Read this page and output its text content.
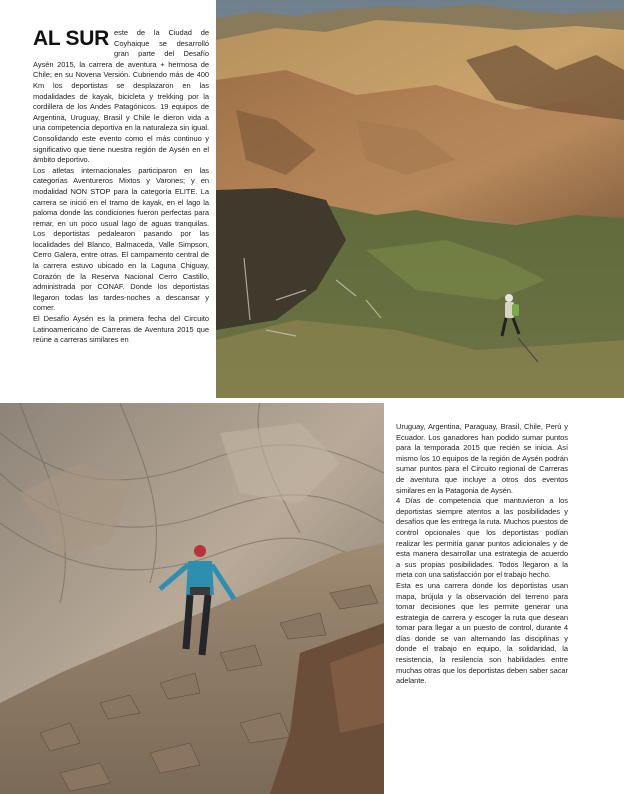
AL SUR este de la Ciudad de Coyhaique se desarrolló gran parte del Desafío Aysén 2015, la carrera de aventura + hermosa de Chile; en su Novena Versión. Cubriendo más de 400 Km los deportistas se desplazaron en las modalidades de kayak, bicicleta y trekking por la cordillera de los Andes Patagónicos. 19 equipos de Argentina, Uruguay, Brasil y Chile le dieron vida a una competencia deportiva en la naturaleza sin igual. Consolidando este evento como el más continuo y significativo que tiene nuestra región de Aysén en el ámbito deportivo.

Los atletas internacionales participaron en las categorías Aventureros Mixtos y Varones; y en modalidad NON STOP para la categoría ELITE. La carrera se inició en el tramo de kayak, en el lago la paloma donde las condiciones fueron perfectas para remar, en un poco usual lago de aguas tranquilas. Los deportistas pedalearon pasando por las localidades del Blanco, Balmaceda, Valle Simpson, Cerro Galera, entre otras. El campamento central de la carrera estuvo ubicado en la Laguna Chiguay, Corazón de la Reserva Nacional Cerro Castillo, administrada por CONAF. Donde los deportistas llegaron todas las tardes-noches a descansar y comer.

El Desafío Aysén es la primera fecha del Circuito Latinoamericano de Carreras de Aventura 2015 que reúne a carreras similares en

Uruguay, Argentina, Paraguay, Brasil, Chile, Perú y Ecuador. Los ganadores han podido sumar puntos para la temporada 2015 que recién se inicia. Así mismo los 10 equipos de la región de Aysén podrán sumar puntos para el Circuito regional de Carreras de aventura que incluye a otros dos eventos similares en la Patagonia de Aysén.

4 Días de competencia que mantuvieron a los deportistas siempre atentos a las posibilidades y desafíos que les entrega la ruta. Muchos puestos de control opcionales que los deportistas podían realizar les permitía ganar puntos adicionales y de esta manera desarrollar una estrategia de acuerdo a sus propias posibilidades. Todos llegaron a la meta con una satisfacción por el trabajo hecho.

Esta es una carrera donde los deportistas usan mapa, brújula y la observación del terreno para tomar decisiones que les permite generar una estrategia de carrera y escoger la ruta que desean tomar para llegar a un puesto de control, durante 4 días donde se van alternando las disciplinas y donde el trabajo en equipo, la solidaridad, la resistencia, la resilencia son habilidades entre muchas otras que los deportistas deben saber sacar adelante.
